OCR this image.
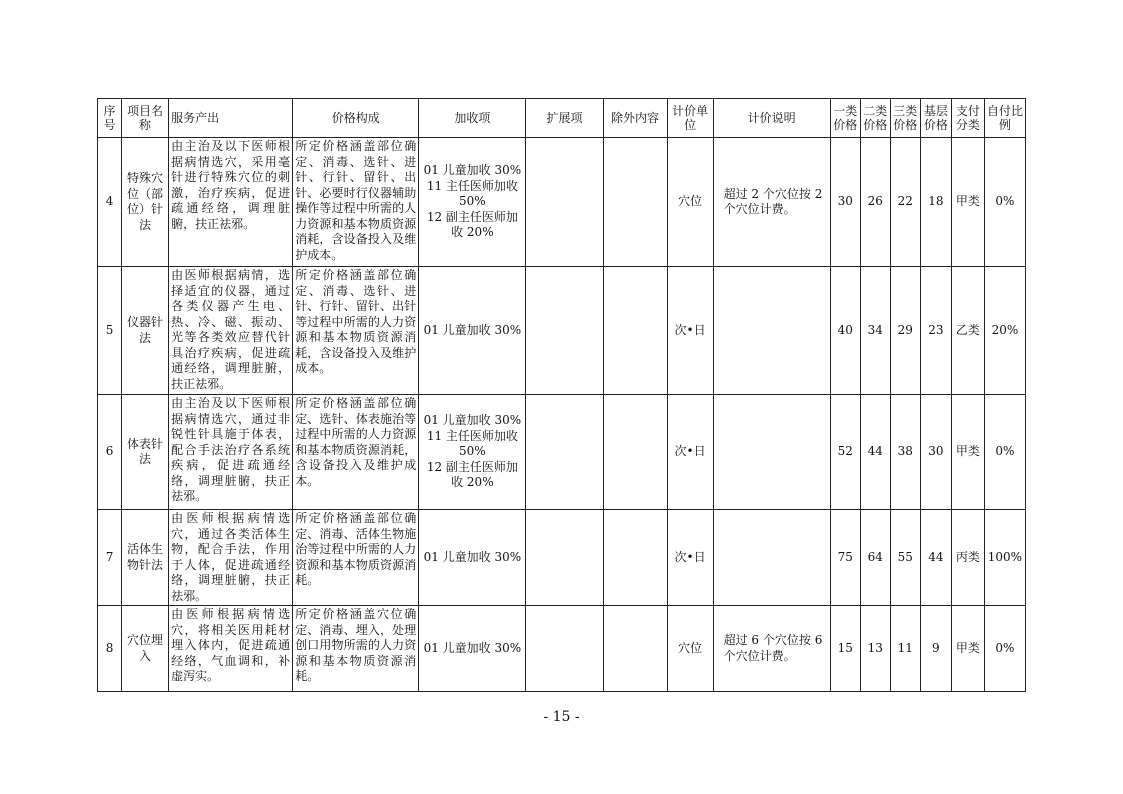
序号	项目名称	服务产出	价格构成	加收项	扩展项	除外内容	计价单位	计价说明	一类价格	二类价格	三类价格	基层价格	支付分类	自付比例
4	特殊穴位（部位）针法	由主治及以下医师根据病情选穴，采用毫针进行特殊穴位的刺激，治疗疾病，促进疏通经络，调理脏腑，扶正祛邪。	所定价格涵盖部位确定、消毒、选针、进针、行针、留针、出针、必要时行仪器辅助操作等过程中所需的人力资源和基本物质资源消耗，含设备投入及维护成本。	01 儿童加收 30%
11 主任医师加收 50%
12 副主任医师加收 20%			穴位	超过 2 个穴位按 2 个穴位计费。	30	26	22	18	甲类	0%
5	仪器针法	由医师根据病情，选择适宜的仪器，通过各类仪器产生电、热、冷、磁、振动、光等各类效应替代针具治疗疾病，促进疏通经络，调理脏腑，扶正祛邪。	所定价格涵盖部位确定、消毒、选针、进针、行针、留针、出针等过程中所需的人力资源和基本物质资源消耗，含设备投入及维护成本。	01 儿童加收 30%			次•日		40	34	29	23	乙类	20%
6	体表针法	由主治及以下医师根据病情选穴，通过非锐性针具施于体表，配合手法治疗各系统疾病，促进疏通经络，调理脏腑，扶正祛邪。	所定价格涵盖部位确定、选针、体表施治等过程中所需的人力资源和基本物质资源消耗，含设备投入及维护成本。	01 儿童加收 30%
11 主任医师加收 50%
12 副主任医师加收 20%			次•日		52	44	38	30	甲类	0%
7	活体生物针法	由医师根据病情选穴，通过各类活体生物，配合手法，作用于人体，促进疏通经络，调理脏腑，扶正祛邪。	所定价格涵盖部位确定、消毒、活体生物施治等过程中所需的人力资源和基本物质资源消耗。	01 儿童加收 30%			次•日		75	64	55	44	丙类	100%
8	穴位埋入	由医师根据病情选穴，将相关医用耗材埋入体内，促进疏通经络，气血调和，补虚泻实。	所定价格涵盖穴位确定、消毒、埋入，处理创口用物所需的人力资源和基本物质资源消耗。	01 儿童加收 30%			穴位	超过 6 个穴位按 6 个穴位计费。	15	13	11	9	甲类	0%
- 15 -
